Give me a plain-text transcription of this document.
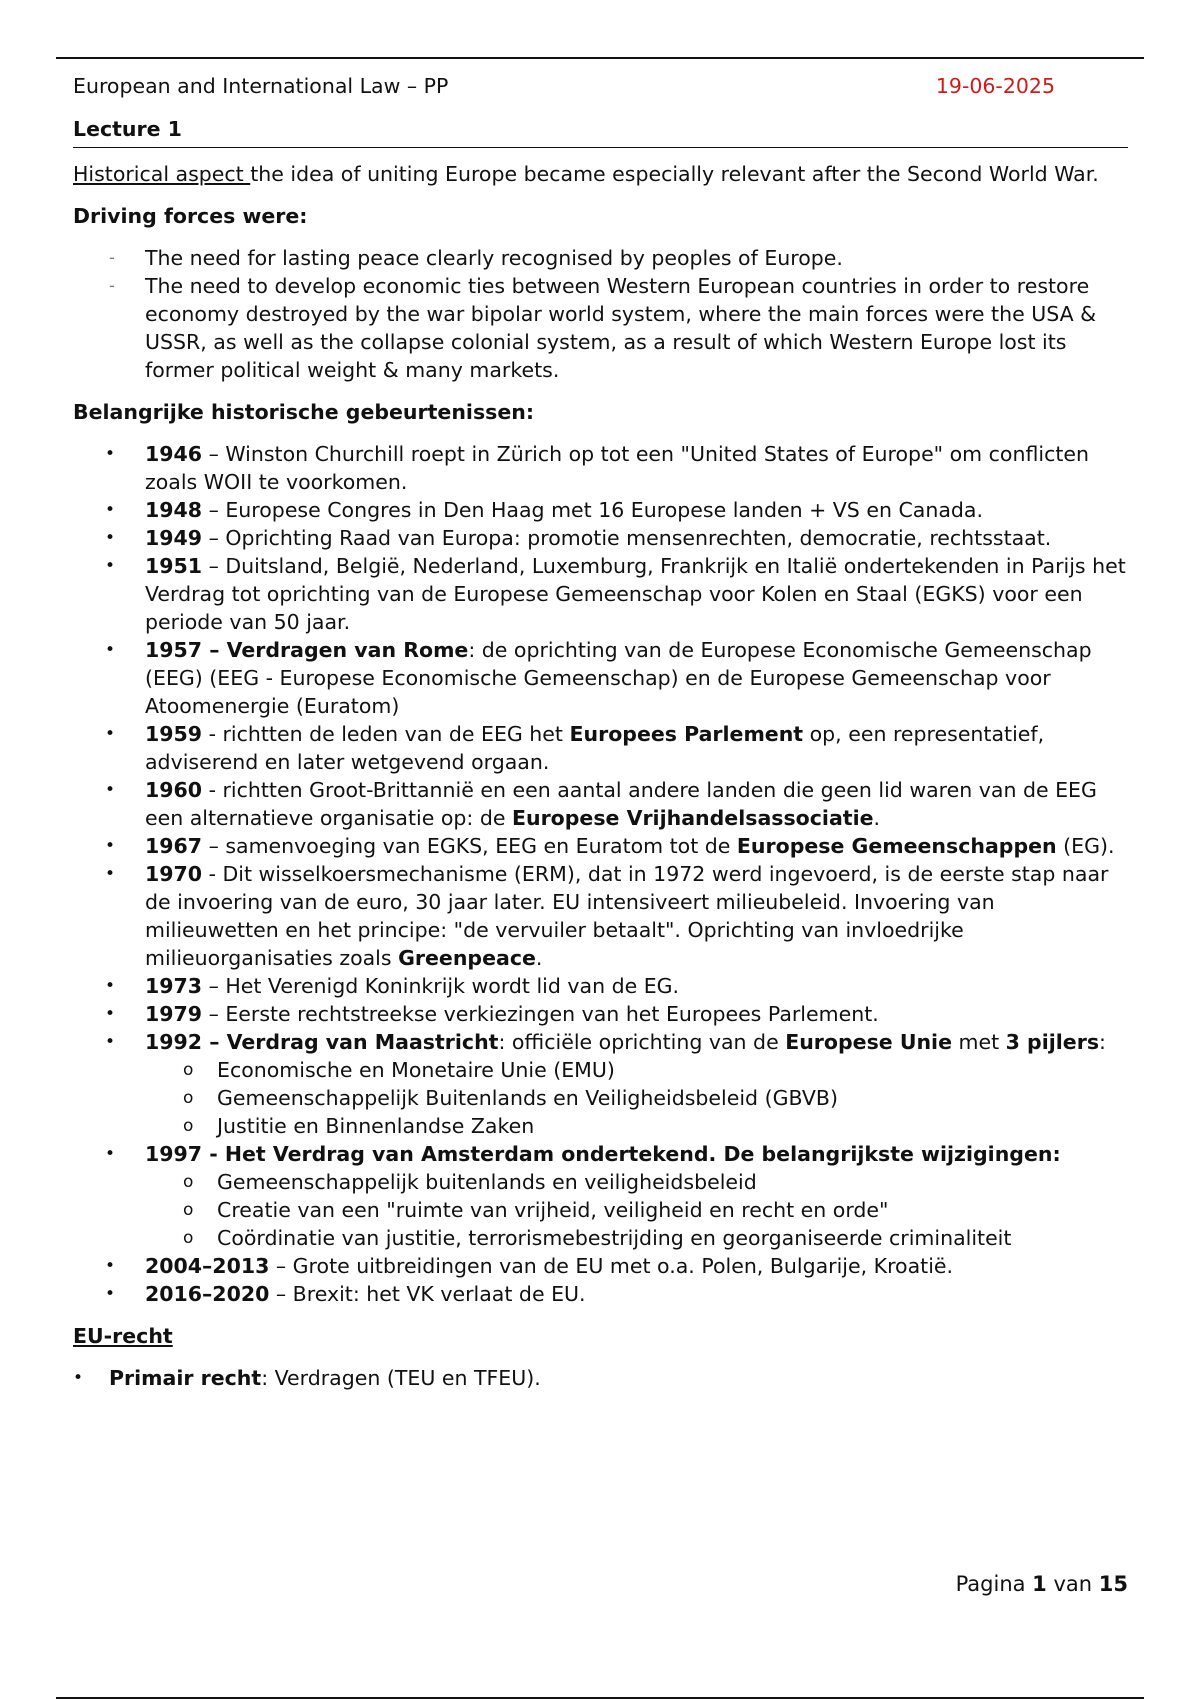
European and International Law – PP	19-06-2025
Lecture 1

Historical aspect the idea of uniting Europe became especially relevant after the Second World War.

Driving forces were:

- The need for lasting peace clearly recognised by peoples of Europe.
- The need to develop economic ties between Western European countries in order to restore economy destroyed by the war bipolar world system, where the main forces were the USA & USSR, as well as the collapse colonial system, as a result of which Western Europe lost its former political weight & many markets.

Belangrijke historische gebeurtenissen:

• 1946 – Winston Churchill roept in Zürich op tot een "United States of Europe" om conflicten zoals WOII te voorkomen.
• 1948 – Europese Congres in Den Haag met 16 Europese landen + VS en Canada.
• 1949 – Oprichting Raad van Europa: promotie mensenrechten, democratie, rechtsstaat.
• 1951 – Duitsland, België, Nederland, Luxemburg, Frankrijk en Italië ondertekenden in Parijs het Verdrag tot oprichting van de Europese Gemeenschap voor Kolen en Staal (EGKS) voor een periode van 50 jaar.
• 1957 – Verdragen van Rome: de oprichting van de Europese Economische Gemeenschap (EEG) (EEG - Europese Economische Gemeenschap) en de Europese Gemeenschap voor Atoomenergie (Euratom)
• 1959 - richtten de leden van de EEG het Europees Parlement op, een representatief, adviserend en later wetgevend orgaan.
• 1960 - richtten Groot-Brittannië en een aantal andere landen die geen lid waren van de EEG een alternatieve organisatie op: de Europese Vrijhandelsassociatie.
• 1967 – samenvoeging van EGKS, EEG en Euratom tot de Europese Gemeenschappen (EG).
• 1970 - Dit wisselkoersmechanisme (ERM), dat in 1972 werd ingevoerd, is de eerste stap naar de invoering van de euro, 30 jaar later. EU intensiveert milieubeleid. Invoering van milieuwetten en het principe: "de vervuiler betaalt". Oprichting van invloedrijke milieuorganisaties zoals Greenpeace.
• 1973 – Het Verenigd Koninkrijk wordt lid van de EG.
• 1979 – Eerste rechtstreekse verkiezingen van het Europees Parlement.
• 1992 – Verdrag van Maastricht: officiële oprichting van de Europese Unie met 3 pijlers:
o Economische en Monetaire Unie (EMU)
o Gemeenschappelijk Buitenlands en Veiligheidsbeleid (GBVB)
o Justitie en Binnenlandse Zaken
• 1997 - Het Verdrag van Amsterdam ondertekend. De belangrijkste wijzigingen:
o Gemeenschappelijk buitenlands en veiligheidsbeleid
o Creatie van een "ruimte van vrijheid, veiligheid en recht en orde"
o Coördinatie van justitie, terrorismebestrijding en georganiseerde criminaliteit
• 2004–2013 – Grote uitbreidingen van de EU met o.a. Polen, Bulgarije, Kroatië.
• 2016–2020 – Brexit: het VK verlaat de EU.

EU-recht

• Primair recht: Verdragen (TEU en TFEU).
Pagina 1 van 15
